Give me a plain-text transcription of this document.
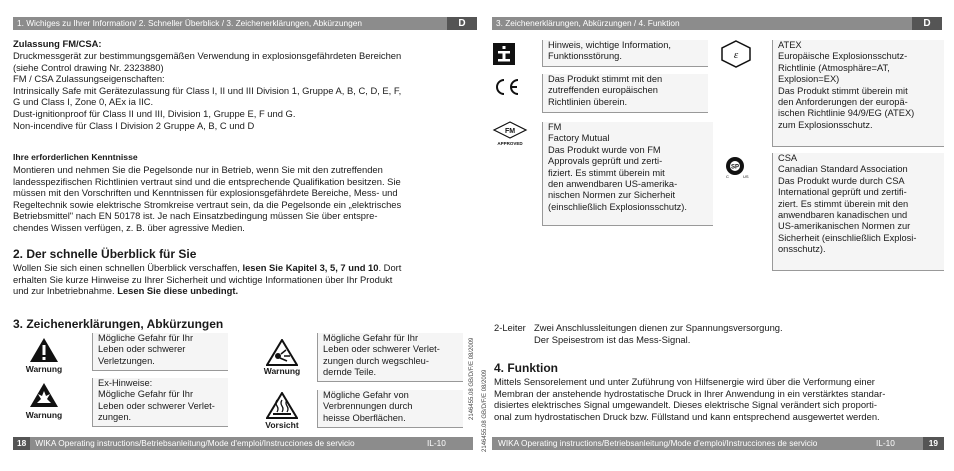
1. Wichiges zu Ihrer Information/ 2. Schneller Überblick / 3. Zeichenerklärungen, Abkürzungen	D
Zulassung FM/CSA:
Druckmessgerät zur bestimmungsgemäßen Verwendung in explosionsgefährdeten Bereichen
(siehe Control drawing Nr. 2323880)
FM / CSA Zulassungseigenschaften:
Intrinsically Safe mit Gerätezulassung für Class I, II und III Division 1, Gruppe A, B, C, D, E, F,
G und Class I, Zone 0, AEx ia IIC.
Dust-ignitionproof für Class II und III, Division 1, Gruppe E, F und G.
Non-incendive für Class I Division 2 Gruppe A, B, C und D
Ihre erforderlichen Kenntnisse
Montieren und nehmen Sie die Pegelsonde nur in Betrieb, wenn Sie mit den zutreffenden
landesspezifischen Richtlinien vertraut sind und die entsprechende Qualifikation besitzen. Sie
müssen mit den Vorschriften und Kenntnissen für explosionsgefährdete Bereiche, Mess- und
Regeltechnik sowie elektrische Stromkreise vertraut sein, da die Pegelsonde ein „elektrisches
Betriebsmittel" nach EN 50178 ist. Je nach Einsatzbedingung müssen Sie über entspre-
chendes Wissen verfügen, z. B. über agressive Medien.
2. Der schnelle Überblick für Sie
Wollen Sie sich einen schnellen Überblick verschaffen, lesen Sie Kapitel 3, 5, 7 und 10. Dort
erhalten Sie kurze Hinweise zu Ihrer Sicherheit und wichtige Informationen über Ihr Produkt
und zur Inbetriebnahme. Lesen Sie diese unbedingt.
3. Zeichenerklärungen, Abkürzungen
Warnung
Mögliche Gefahr für Ihr
Leben oder schwerer
Verletzungen.
Warnung
Ex-Hinweise:
Mögliche Gefahr für Ihr
Leben oder schwerer Verlet-
zungen.
Warnung
Mögliche Gefahr für Ihr
Leben oder schwerer Verlet-
zungen durch wegschleu-
dernde Teile.
Vorsicht
Mögliche Gefahr von
Verbrennungen durch
heisse Oberflächen.
18 WIKA Operating instructions/Betriebsanleitung/Mode d'emploi/Instrucciones de servicio	IL-10
2146455.08 GB/D/F/E 08/2009
3. Zeichenerklärungen, Abkürzungen / 4. Funktion	D
Hinweis, wichtige Information,
Funktionsstörung.
Das Produkt stimmt mit den
zutreffenden europäischen
Richtlinien überein.
FM
APPROVED
FM
Factory Mutual
Das Produkt wurde von FM
Approvals geprüft und zerti-
fiziert. Es stimmt überein mit
den anwendbaren US-amerika-
nischen Normen zur Sicherheit
(einschließlich Explosionsschutz).
ε
ATEX
Europäische Explosionsschutz-
Richtlinie (Atmosphäre=AT,
Explosion=EX)
Das Produkt stimmt überein mit
den Anforderungen der europä-
ischen Richtlinie 94/9/EG (ATEX)
zum Explosionsschutz.
SP
C	US
CSA
Canadian Standard Association
Das Produkt wurde durch CSA
International geprüft und zertifi-
ziert. Es stimmt überein mit den
anwendbaren kanadischen und
US-amerikanischen Normen zur
Sicherheit (einschließlich Explosi-
onsschutz).
2-Leiter Zwei Anschlussleitungen dienen zur Spannungsversorgung.
Der Speisestrom ist das Mess-Signal.
4. Funktion
Mittels Sensorelement und unter Zuführung von Hilfsenergie wird über die Verformung einer
Membran der anstehende hydrostatische Druck in Ihrer Anwendung in ein verstärktes standar-
disiertes elektrisches Signal umgewandelt. Dieses elektrische Signal verändert sich proporti-
onal zum hydrostatischen Druck bzw. Füllstand und kann entsprechend ausgewertet werden.
WIKA Operating instructions/Betriebsanleitung/Mode d'emploi/Instrucciones de servicio	IL-10	19
2146455.08 GB/D/F/E 08/2009
